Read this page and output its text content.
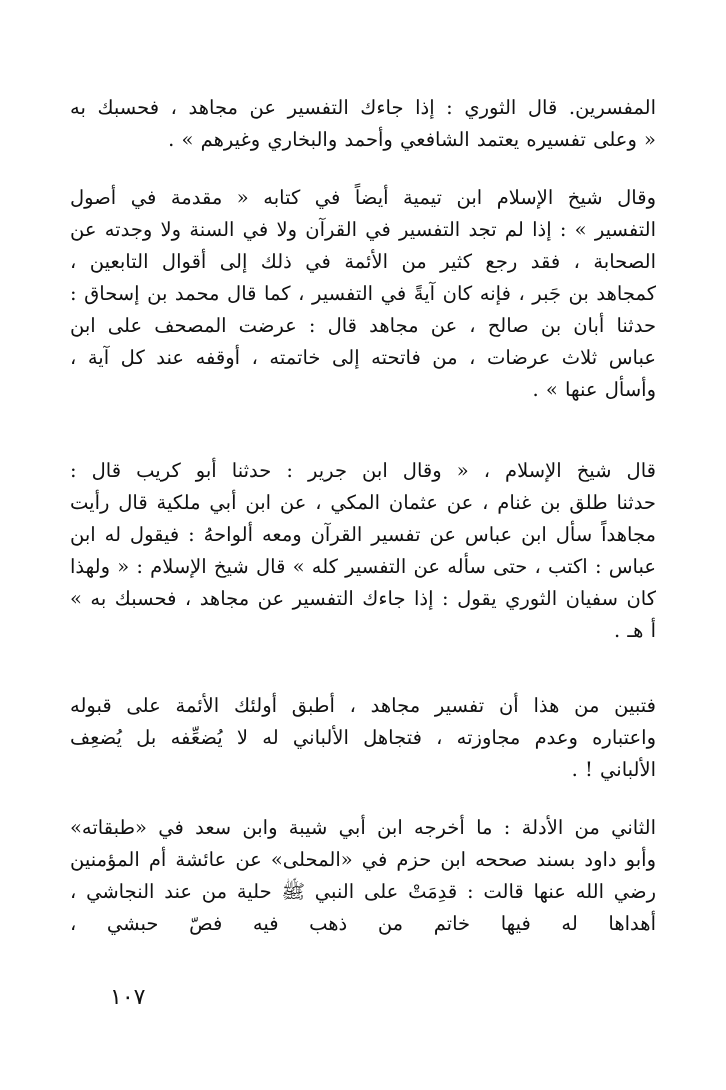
المفسرين. قال الثوري : إذا جاءك التفسير عن مجاهد ، فحسبك به
« وعلى تفسيره يعتمد الشافعي وأحمد والبخاري وغيرهم » .
وقال شيخ الإسلام ابن تيمية أيضاً في كتابه « مقدمة في أصول
التفسير » : إذا لم تجد التفسير في القرآن ولا في السنة ولا وجدته عن
الصحابة ، فقد رجع كثير من الأئمة في ذلك إلى أقوال التابعين ،
كمجاهد بن جَبر ، فإنه كان آيةً في التفسير ، كما قال محمد بن إسحاق :
حدثنا أبان بن صالح ، عن مجاهد قال : عرضت المصحف على ابن
عباس ثلاث عرضات ، من فاتحته إلى خاتمته ، أوقفه عند كل آية ،
وأسأل عنها » .
قال شيخ الإسلام ، « وقال ابن جرير : حدثنا أبو كريب قال :
حدثنا طلق بن غنام ، عن عثمان المكي ، عن ابن أبي ملكية قال رأيت
مجاهداً سأل ابن عباس عن تفسير القرآن ومعه ألواحهُ : فيقول له ابن
عباس : اكتب ، حتى سأله عن التفسير كله » قال شيخ الإسلام : « ولهذا
كان سفيان الثوري يقول : إذا جاءك التفسير عن مجاهد ، فحسبك به »
أ هـ .
فتبين من هذا أن تفسير مجاهد ، أطبق أولئك الأئمة على قبوله
واعتباره وعدم مجاوزته ، فتجاهل الألباني له لا يُضعِّفه بل يُضعِف
الألباني ! .
الثاني من الأدلة : ما أخرجه ابن أبي شيبة وابن سعد في «طبقاته»
وأبو داود بسند صححه ابن حزم في «المحلى» عن عائشة أم المؤمنين
رضي الله عنها قالت : قدِمَتْ على النبي ﷺ حلية من عند النجاشي ،
أهداها له فيها خاتم من ذهب فيه فصّ حبشي ،
١٠٧
